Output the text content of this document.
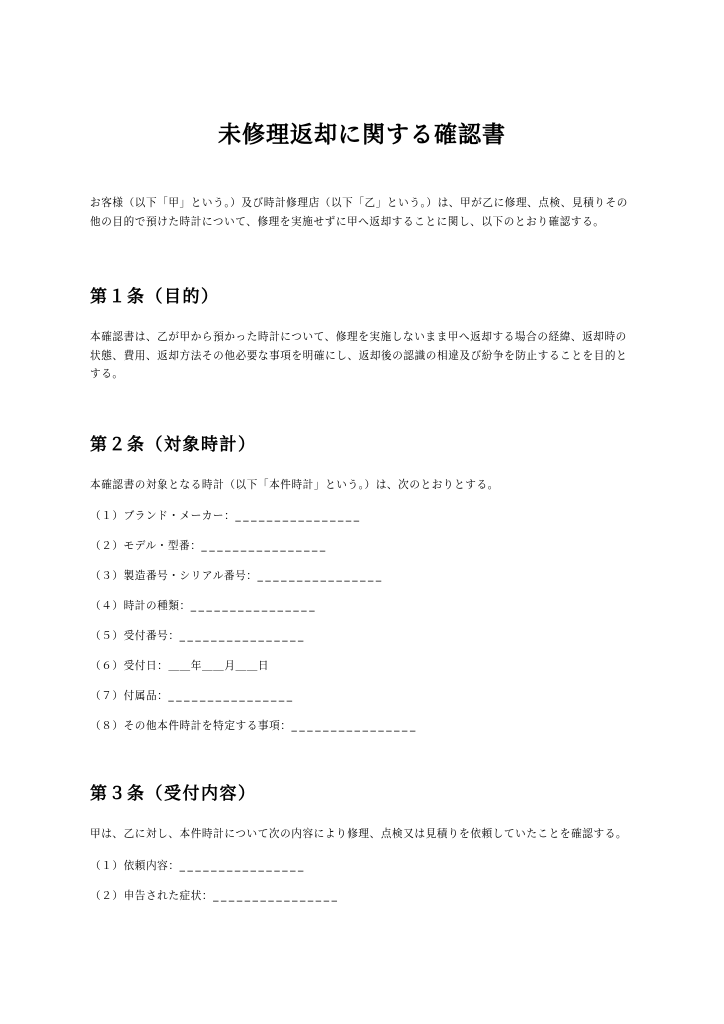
未修理返却に関する確認書

お客様（以下「甲」という。）及び時計修理店（以下「乙」という。）は、甲が乙に修理、点検、見積りその他の目的で預けた時計について、修理を実施せずに甲へ返却することに関し、以下のとおり確認する。

第１条（目的）

本確認書は、乙が甲から預かった時計について、修理を実施しないまま甲へ返却する場合の経緯、返却時の状態、費用、返却方法その他必要な事項を明確にし、返却後の認識の相違及び紛争を防止することを目的とする。

第２条（対象時計）

本確認書の対象となる時計（以下「本件時計」という。）は、次のとおりとする。

（１）ブランド・メーカー：________________

（２）モデル・型番：________________

（３）製造番号・シリアル番号：________________

（４）時計の種類：________________

（５）受付番号：________________

（６）受付日：＿＿年＿＿月＿＿日

（７）付属品：________________

（８）その他本件時計を特定する事項：________________

第３条（受付内容）

甲は、乙に対し、本件時計について次の内容により修理、点検又は見積りを依頼していたことを確認する。

（１）依頼内容：________________

（２）申告された症状：________________
